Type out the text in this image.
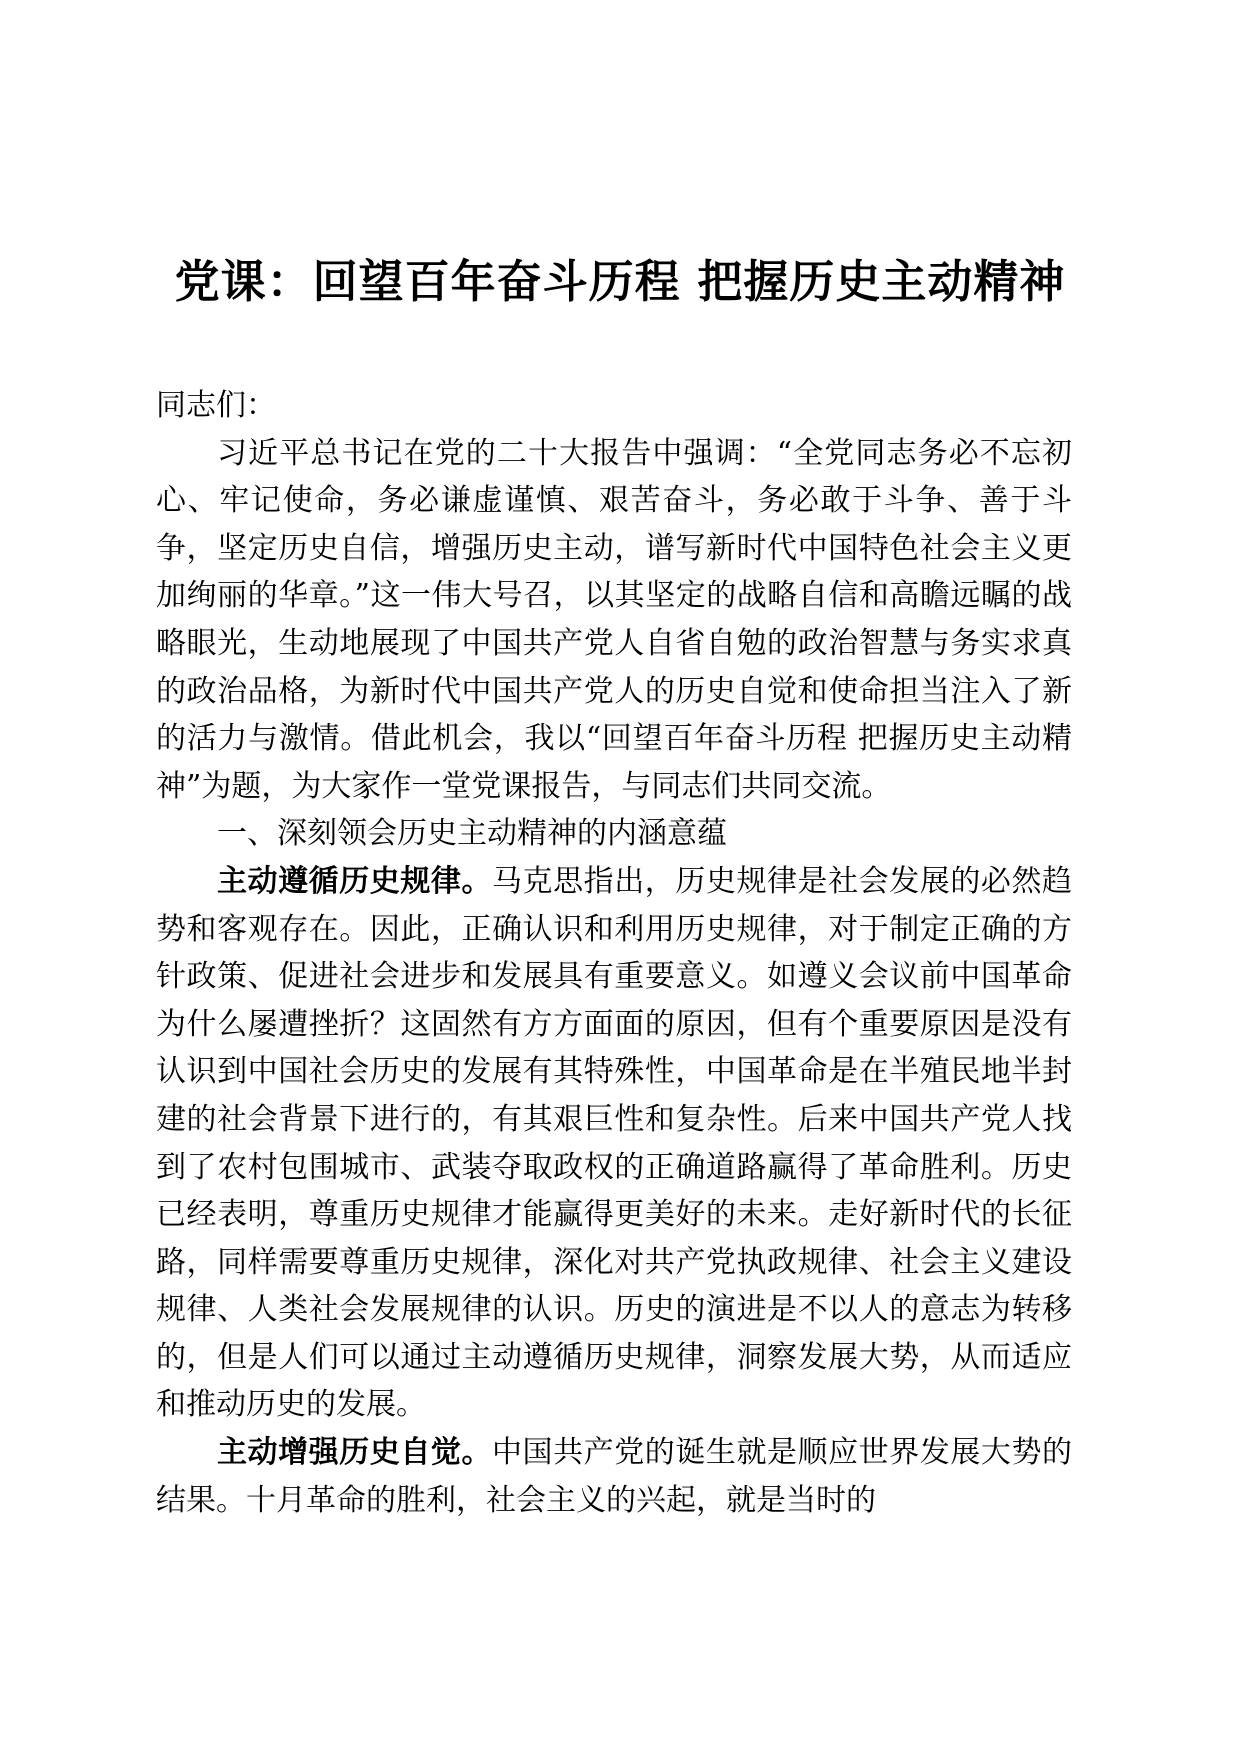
党课：回望百年奋斗历程 把握历史主动精神

同志们：

习近平总书记在党的二十大报告中强调：“全党同志务必不忘初心、牢记使命，务必谦虚谨慎、艰苦奋斗，务必敢于斗争、善于斗争，坚定历史自信，增强历史主动，谱写新时代中国特色社会主义更加绚丽的华章。”这一伟大号召，以其坚定的战略自信和高瞻远瞩的战略眼光，生动地展现了中国共产党人自省自勉的政治智慧与务实求真的政治品格，为新时代中国共产党人的历史自觉和使命担当注入了新的活力与激情。借此机会，我以“回望百年奋斗历程 把握历史主动精神”为题，为大家作一堂党课报告，与同志们共同交流。

一、深刻领会历史主动精神的内涵意蕴

主动遵循历史规律。马克思指出，历史规律是社会发展的必然趋势和客观存在。因此，正确认识和利用历史规律，对于制定正确的方针政策、促进社会进步和发展具有重要意义。如遵义会议前中国革命为什么屡遭挫折？这固然有方方面面的原因，但有个重要原因是没有认识到中国社会历史的发展有其特殊性，中国革命是在半殖民地半封建的社会背景下进行的，有其艰巨性和复杂性。后来中国共产党人找到了农村包围城市、武装夺取政权的正确道路赢得了革命胜利。历史已经表明，尊重历史规律才能赢得更美好的未来。走好新时代的长征路，同样需要尊重历史规律，深化对共产党执政规律、社会主义建设规律、人类社会发展规律的认识。历史的演进是不以人的意志为转移的，但是人们可以通过主动遵循历史规律，洞察发展大势，从而适应和推动历史的发展。

主动增强历史自觉。中国共产党的诞生就是顺应世界发展大势的结果。十月革命的胜利，社会主义的兴起，就是当时的
